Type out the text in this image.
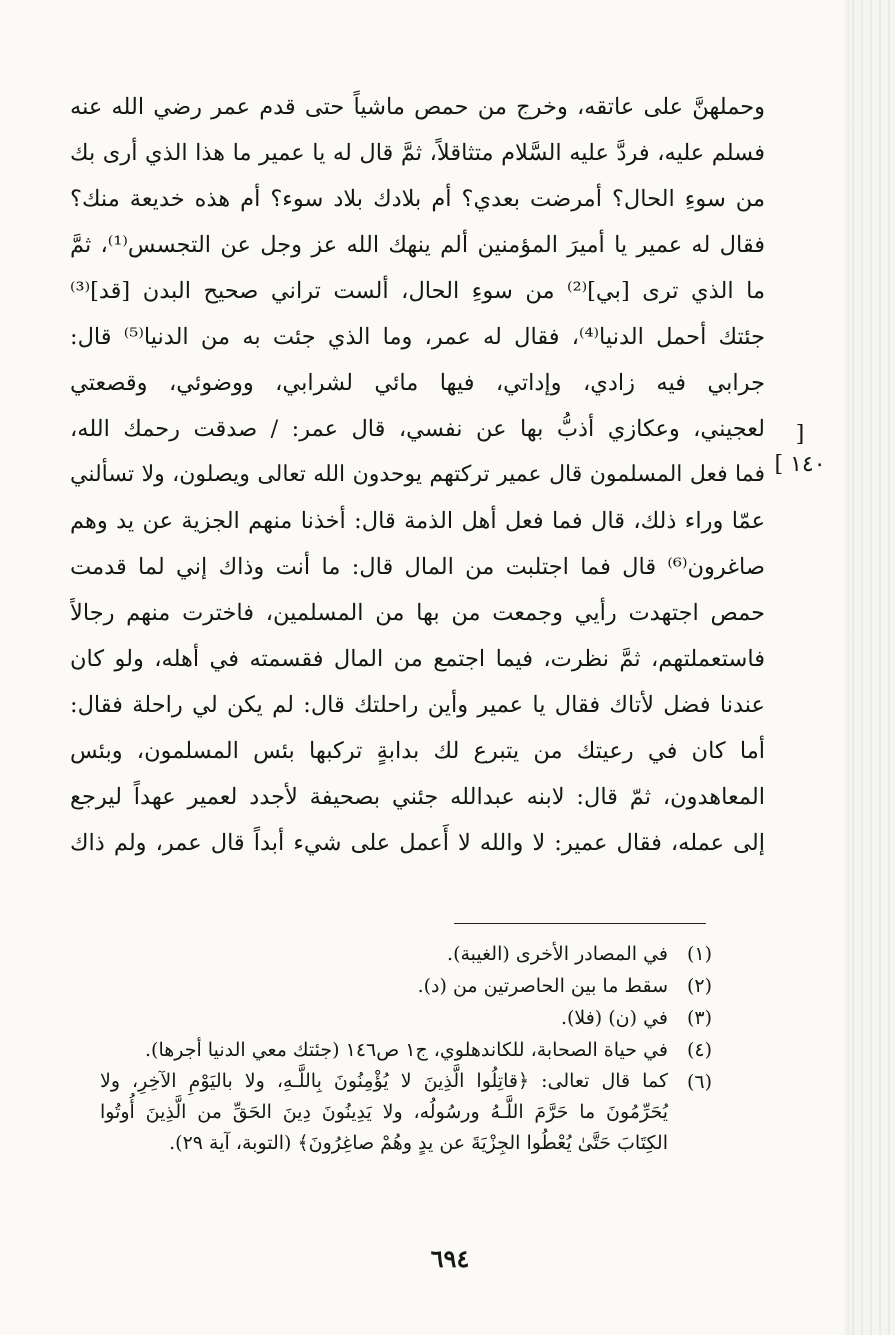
وحملهنَّ على عاتقه، وخرج من حمص ماشياً حتى قدم عمر رضي الله عنه
فسلم عليه، فردَّ عليه السَّلام متثاقلاً، ثمَّ قال له يا عمير ما هذا الذي أرى بك
من سوءِ الحال؟ أمرضت بعدي؟ أم بلادك بلاد سوء؟ أم هذه خديعة منك؟
فقال له عمير يا أميرَ المؤمنين ألم ينهك الله عز وجل عن التجسس⁽¹⁾، ثمَّ
ما الذي ترى [بي]⁽²⁾ من سوءِ الحال، ألست تراني صحيح البدن [قد]⁽³⁾
جئتك أحمل الدنيا⁽⁴⁾، فقال له عمر، وما الذي جئت به من الدنيا⁽⁵⁾ قال:
جرابي فيه زادي، وإداتي، فيها مائي لشرابي، ووضوئي، وقصعتي
لعجيني، وعكازي أذبُّ بها عن نفسي، قال عمر: / صدقت رحمك الله،
فما فعل المسلمون قال عمير تركتهم يوحدون الله تعالى ويصلون، ولا تسألني
عمّا وراء ذلك، قال فما فعل أهل الذمة قال: أخذنا منهم الجزية عن يد وهم
صاغرون⁽⁶⁾ قال فما اجتلبت من المال قال: ما أنت وذاك إني لما قدمت
حمص اجتهدت رأيي وجمعت من بها من المسلمين، فاخترت منهم رجالاً
فاستعملتهم، ثمَّ نظرت، فيما اجتمع من المال فقسمته في أهله، ولو كان
عندنا فضل لأتاك فقال يا عمير وأين راحلتك قال: لم يكن لي راحلة فقال:
أما كان في رعيتك من يتبرع لك بدابةٍ تركبها بئس المسلمون، وبئس
المعاهدون، ثمّ قال: لابنه عبدالله جئني بصحيفة لأجدد لعمير عهداً ليرجع
إلى عمله، فقال عمير: لا والله لا أَعمل على شيء أبداً قال عمر، ولم ذاك
[ ١٤٠ ]
(١)
في المصادر الأخرى (الغيبة).
(٢)
سقط ما بين الحاصرتين من (د).
(٣)
في (ن) (فلا).
(٤)
في حياة الصحابة، للكاندهلوي، ج١ ص١٤٦ (جئتك معي الدنيا أجرها).
(٦)
كما قال تعالى: ﴿قاتِلُوا الَّذِينَ لا يُؤْمِنُونَ بِاللَّـهِ، ولا باليَوْمِ الآخِرِ، ولا يُحَرِّمُونَ ما حَرَّمَ اللَّـهُ ورسُولُه، ولا يَدِينُونَ دِينَ الحَقِّ من الَّذِينَ أُوتُوا الكِتَابَ حَتَّىٰ يُعْطُوا الجِزْيَةَ عن يدٍ وهُمْ صاغِرُونَ﴾ (التوبة، آية ٢٩).
٦٩٤
